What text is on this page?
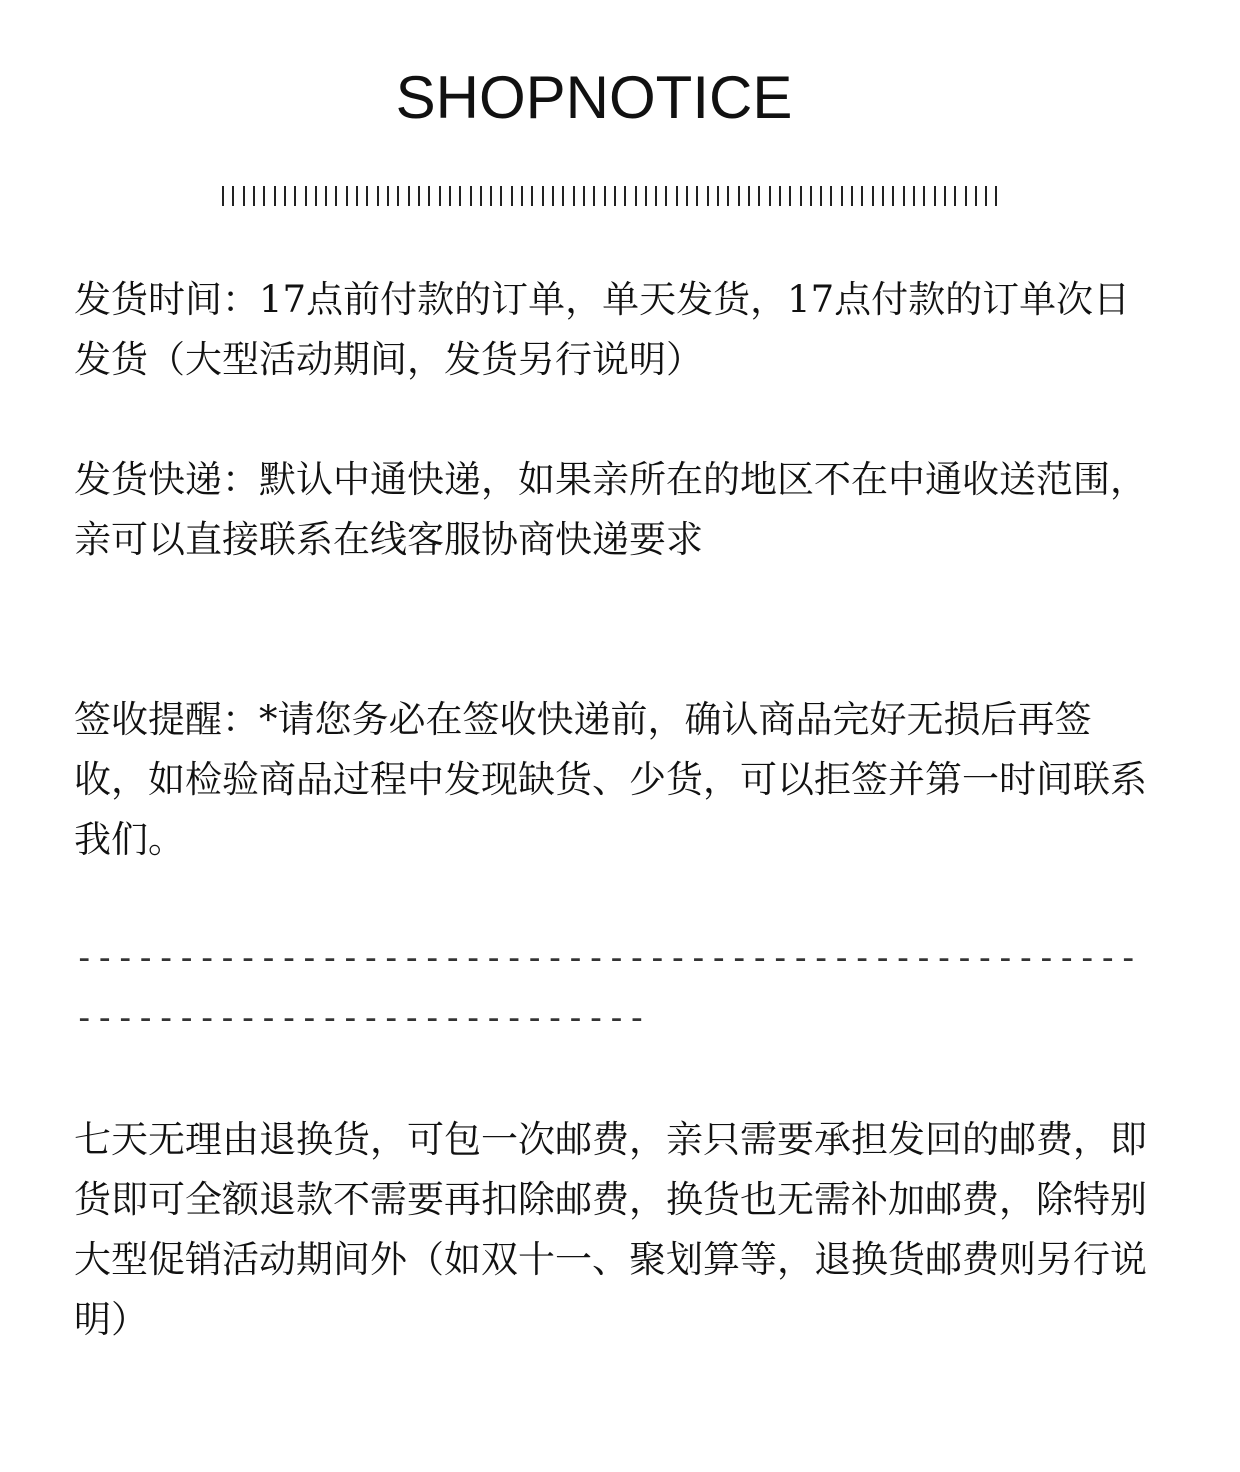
SHOPNOTICE
发货时间：17点前付款的订单，单天发货，17点付款的订单次日发货（大型活动期间，发货另行说明）
发货快递：默认中通快递，如果亲所在的地区不在中通收送范围，亲可以直接联系在线客服协商快递要求
签收提醒：*请您务必在签收快递前，确认商品完好无损后再签收，如检验商品过程中发现缺货、少货，可以拒签并第一时间联系我们。
--------------------------------------------------------------------------------
七天无理由退换货，可包一次邮费，亲只需要承担发回的邮费，即货即可全额退款不需要再扣除邮费，换货也无需补加邮费，除特别大型促销活动期间外（如双十一、聚划算等，退换货邮费则另行说明）
